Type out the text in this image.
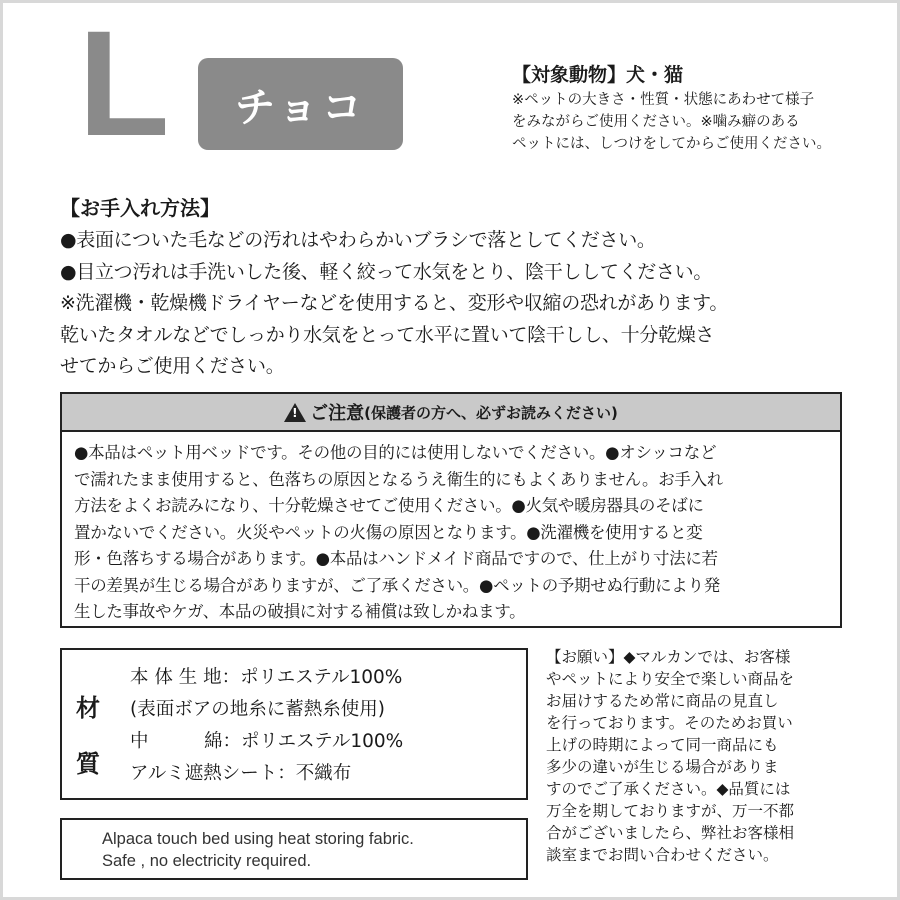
L	チョコ
【対象動物】犬・猫
※ペットの大きさ・性質・状態にあわせて様子
をみながらご使用ください。※噛み癖のある
ペットには、しつけをしてからご使用ください。
【お手入れ方法】
●表面についた毛などの汚れはやわらかいブラシで落としてください。
●目立つ汚れは手洗いした後、軽く絞って水気をとり、陰干ししてください。
※洗濯機・乾燥機ドライヤーなどを使用すると、変形や収縮の恐れがあります。
乾いたタオルなどでしっかり水気をとって水平に置いて陰干しし、十分乾燥さ
せてからご使用ください。
!
ご注意 (保護者の方へ、必ずお読みください)
●本品はペット用ベッドです。その他の目的には使用しないでください。●オシッコなど
で濡れたまま使用すると、色落ちの原因となるうえ衛生的にもよくありません。お手入れ
方法をよくお読みになり、十分乾燥させてご使用ください。●火気や暖房器具のそばに
置かないでください。火災やペットの火傷の原因となります。●洗濯機を使用すると変
形・色落ちする場合があります。●本品はハンドメイド商品ですので、仕上がり寸法に若
干の差異が生じる場合がありますが、ご了承ください。●ペットの予期せぬ行動により発
生した事故やケガ、本品の破損に対する補償は致しかねます。
材
質
本 体 生 地：ポリエステル100%
(表面ボアの地糸に蓄熱糸使用)
中　　　綿：ポリエステル100%
アルミ遮熱シート：不織布
Alpaca touch bed using heat storing fabric.
Safe , no electricity required.
【お願い】◆マルカンでは、お客様
やペットにより安全で楽しい商品を
お届けするため常に商品の見直し
を行っております。そのためお買い
上げの時期によって同一商品にも
多少の違いが生じる場合がありま
すのでご了承ください。◆品質には
万全を期しておりますが、万一不都
合がございましたら、弊社お客様相
談室までお問い合わせください。
